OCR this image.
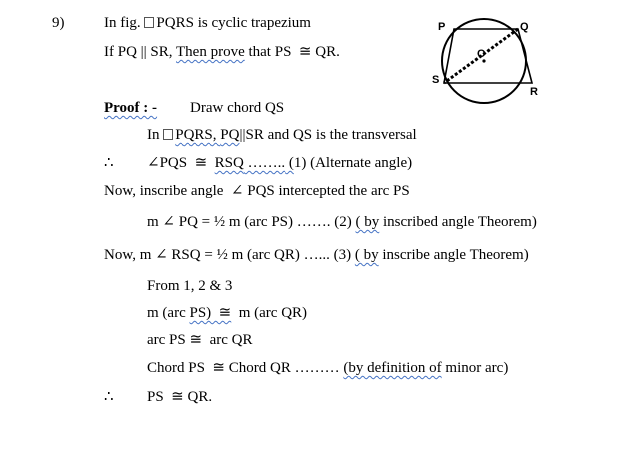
9)	In fig. PQRS is cyclic trapezium
If PQ || SR, Then prove that PS  ≅ QR.
P	Q
S
R
O
Proof : - Draw chord QS
In PQRS, PQ||SR and QS is the transversal
∴ ∠PQS  ≅  RSQ …….. (1) (Alternate angle)
Now, inscribe angle  ∠ PQS intercepted the arc PS
m ∠ PQ = ½ m (arc PS) ……. (2) ( by inscribed angle Theorem)
Now, m ∠ RSQ = ½ m (arc QR) …... (3) ( by inscribe angle Theorem)
From 1, 2 & 3
m (arc PS)  ≅  m (arc QR)
arc PS ≅  arc QR
Chord PS  ≅ Chord QR ……… (by definition of minor arc)
∴ PS  ≅ QR.
